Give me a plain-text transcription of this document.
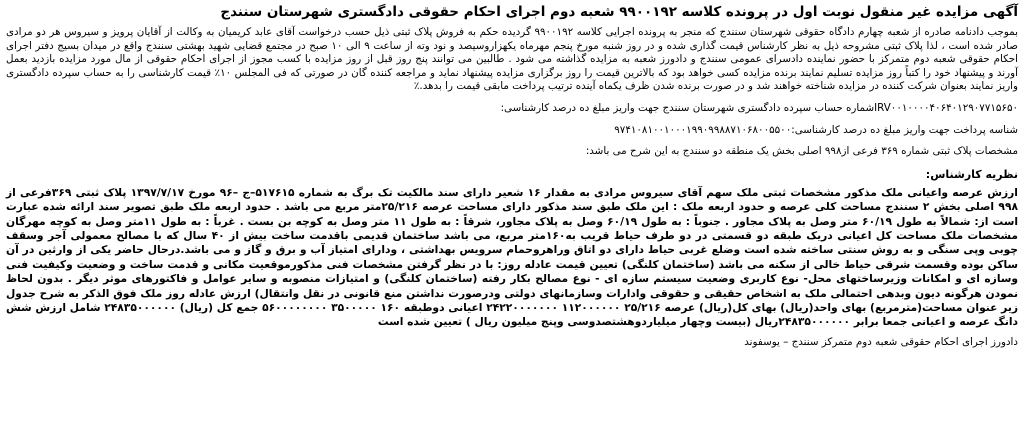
آگهی مزایده غیر منقول نوبت اول در پرونده کلاسه ۹۹۰۰۱۹۲ شعبه دوم اجرای احکام حقوقی دادگستری شهرستان سنندج

بموجب دادنامه صادره از شعبه چهارم دادگاه حقوقی شهرستان سنندج که منجر به پرونده اجرایی کلاسه ۹۹۰۰۱۹۲ گردیده حکم به فروش پلاک ثبتی ذیل حسب درخواست آقای عابد کریمیان به وکالت از آقایان پرویز و سیروس هر دو مرادی صادر شده است ، لذا پلاک ثبتی مشروحه ذیل به نظر کارشناس قیمت گذاری شده و در روز شنبه مورخ پنجم مهرماه یکهزاروسیصد و نود وته از ساعت ۹ الی ۱۰ صبح در مجتمع قضایی شهید بهشتی سنندج واقع در میدان بسیج دفتر اجرای احکام حقوقی شعبه دوم متمرکز با حضور نماینده دادسرای عمومی سنندج و دادورز شعبه به مزایده گذاشته می شود . طالبین می توانند پنج روز قبل از روز مزایده با کسب مجوز از اجرای احکام حقوقی از مال مورد مزایده بازدید بعمل آورند و پیشنهاد خود را کتباً روز مزایده تسلیم نمایند برنده مزایده کسی خواهد بود که بالاترین قیمت را روز برگزاری مزایده پیشنهاد نماید و مراجعه کننده گان در صورتی که فی المجلس ۱۰٪ قیمت کارشناسی را به حساب سپرده دادگستری واریز نمایند بعنوان شرکت کننده در مزایده شناخته خواهند شد و در صورت برنده شدن ظرف یکماه آینده ترتیب پرداخت مابقی قیمت را بدهد.٪

IRV۰۰۱۰۰۰۰۴۰۶۴۰۱۲۹۰۷۷۱۵۶۵۰شماره حساب سپرده دادگستری شهرستان سنندج جهت واریز مبلغ ده درصد کارشناسی:

شناسه پرداخت جهت واریز مبلغ ده درصد کارشناسی:۹۷۴۱۰۸۱۰۰۱۰۰۰۱۹۹۰۹۹۸۸۷۱۰۶۸۰۰۵۵۰۰

مشخصات پلاک ثبتی شماره ۳۶۹ فرعی از۹۹۸ اصلی بخش یک منطقه دو سنندج به این شرح می باشد:

نظریه کارشناس:

ارزش عرصه واعیانی ملک مذکور مشخصات ثبتی ملک سهم آقای سیروس مرادی به مقدار ۱۶ شعیر دارای سند مالکیت تک برگ به شماره ۵۱۷۶۱۵–ج –۹۶ مورخ ۱۳۹۷/۷/۱۷ پلاک ثبتی ۳۶۹فرعی از ۹۹۸ اصلی بخش ۲ سنندج مساحت کلی عرصه و حدود اربعه ملک : این ملک طبق سند مذکور دارای مساحت عرصه ۲۵/۲۱۶متر مربع می باشد . حدود اربعه ملک طبق تصویر سند ارائه شده عبارت است از: شمالاً به طول ۶۰/۱۹ متر وصل به پلاک مجاور . جنوباً : به طول ۶۰/۱۹ وصل به پلاک مجاور، شرقاً : به طول ۱۱ متر وصل به کوچه بن بست . غرباً : به طول ۱۱متر وصل به کوچه مهرگان مشخصات ملک مساحت کل اعیانی دریک طبقه دو قسمتی در دو طرف حیاط قریب به۱۶۰متر مربع، می باشد ساختمان قدیمی باقدمت ساخت بیش از ۴۰ سال که با مصالح معمولی آجر وسقف چوبی وپی سنگی و به روش سنتی ساخته شده است وضلع غربی حیاط دارای دو اتاق وراهروحمام سرویس بهداشتی ، ودارای امتیاز آب و برق و گاز و می باشد.درحال حاضر یکی از وارثین در آن ساکن بوده وقسمت شرقی حیاط خالی از سکنه می باشد (ساختمان کلنگی) تعیین قیمت عادله روز: با در نظر گرفتن مشخصات فنی مذکورموقعیت مکانی و قدمت ساخت و وضعیت وکیفیت فنی وسازه ای و امکانات وزیرساختهای محل- نوع کاربری وضعیت سیستم سازه ای - نوع مصالح بکار رفته (ساختمان کلنگی) و امتیازات منصوبه و سایر عوامل و فاکتورهای موثر دیگر . بدون لحاظ نمودن هرگونه دیون وبدهی احتمالی ملک به اشخاص حقیقی و حقوقی وادارات وسازمانهای دولتی ودرصورت نداشتن منع قانونی در نقل وانتقال) ارزش عادله روز ملک فوق الذکر به شرح جدول زیر عنوان مساحت(مترمربع) بهای واحد(ریال) بهای کل(ریال) عرصه ۲۵/۲۱۶ ۱۱۲۰۰۰۰۰۰ ۲۴۲۲۰۰۰۰۰۰۰ اعیانی دوطبقه ۱۶۰ ۳۵۰۰۰۰۰ ۵۶۰۰۰۰۰۰۰۰ جمع کل (ریال) ۲۴۸۳۵۰۰۰۰۰۰ شامل ارزش شش دانگ عرصه و اعیانی جمعا برابر ۲۴۸۳۵۰۰۰۰۰۰ریال (بیست وچهار میلیاردوهشتصدوسی وپنج میلیون ریال ) تعیین شده است

دادورز اجرای احکام حقوقی شعبه دوم متمرکز سنندج – یوسفوند
